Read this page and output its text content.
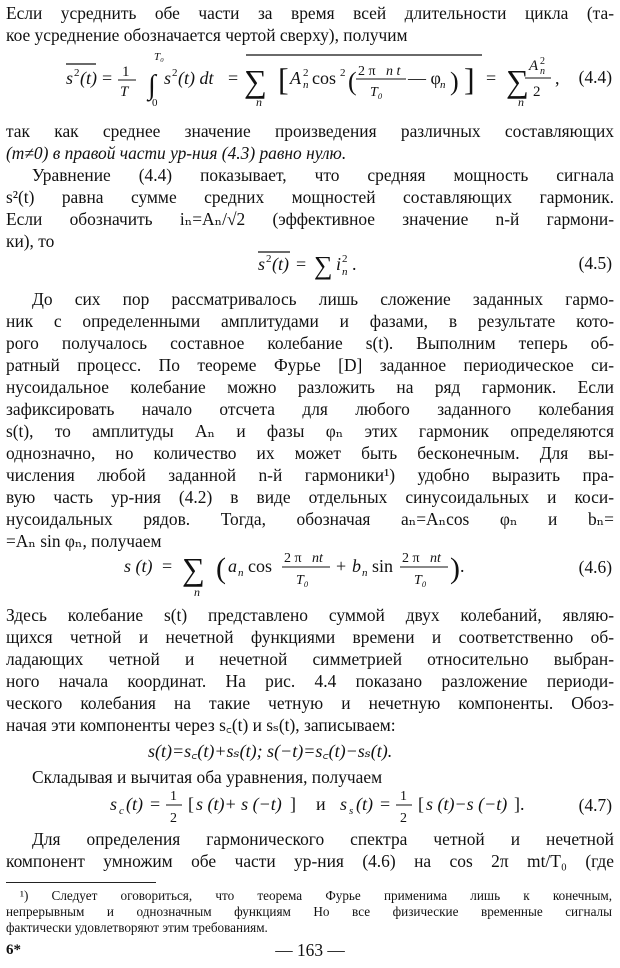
Если усреднить обе части за время всей длительности цикла (та-
кое усреднение обозначается чертой сверху), получим
s 2 (t) = 1
T ∫
T₀
0
s 2 (t) dt = ∑
n
[ A 2
n cos 2 ( 2 π n t
T₀
— φ n ) ] = ∑
n
A 2
n
2
, (4.4)
так как среднее значение произведения различных составляющих
(m≠0) в правой части ур-ния (4.3) равно нулю.
Уравнение (4.4) показывает, что средняя мощность сигнала
s²(t) равна сумме средних мощностей составляющих гармоник.
Если обозначить iₙ=Aₙ/√2 (эффективное значение n-й гармони-
ки), то
s 2 (t) = ∑ i 2
n .	(4.5)
До сих пор рассматривалось лишь сложение заданных гармо-
ник с определенными амплитудами и фазами, в результате кото-
рого получалось составное колебание s(t). Выполним теперь об-
ратный процесс. По теореме Фурье [D] заданное периодическое си-
нусоидальное колебание можно разложить на ряд гармоник. Если
зафиксировать начало отсчета для любого заданного колебания
s(t), то амплитуды Aₙ и фазы φₙ этих гармоник определяются
однозначно, но количество их может быть бесконечным. Для вы-
числения любой заданной n-й гармоники¹) удобно выразить пра-
вую часть ур-ния (4.2) в виде отдельных синусоидальных и коси-
нусоидальных рядов. Тогда, обозначая aₙ=Aₙcos φₙ и bₙ=
=Aₙ sin φₙ, получаем
s (t) = ∑
n
( a n cos 2 π nt
T₀
+ b n sin 2 π nt
T₀ ) .	(4.6)
Здесь колебание s(t) представлено суммой двух колебаний, являю-
щихся четной и нечетной функциями времени и соответственно об-
ладающих четной и нечетной симметрией относительно выбран-
ного начала координат. На рис. 4.4 показано разложение периоди-
ческого колебания на такие четную и нечетную компоненты. Обоз-
начая эти компоненты через s꜀(t) и sₛ(t), записываем:
s(t)=s꜀(t)+sₛ(t); s(−t)=s꜀(t)−sₛ(t).
Складывая и вычитая оба уравнения, получаем
s c (t) = 1
2
[ s (t)+ s (−t) ] и s s (t) = 1
2
[ s (t)−s (−t) ].	(4.7)
Для определения гармонического спектра четной и нечетной
компонент умножим обе части ур-ния (4.6) на cos 2π mt/T₀ (где
¹) Следует оговориться, что теорема Фурье применима лишь к конечным,
непрерывным и однозначным функциям Но все физические временные сигналы
фактически удовлетворяют этим требованиям.
6*	— 163 —
